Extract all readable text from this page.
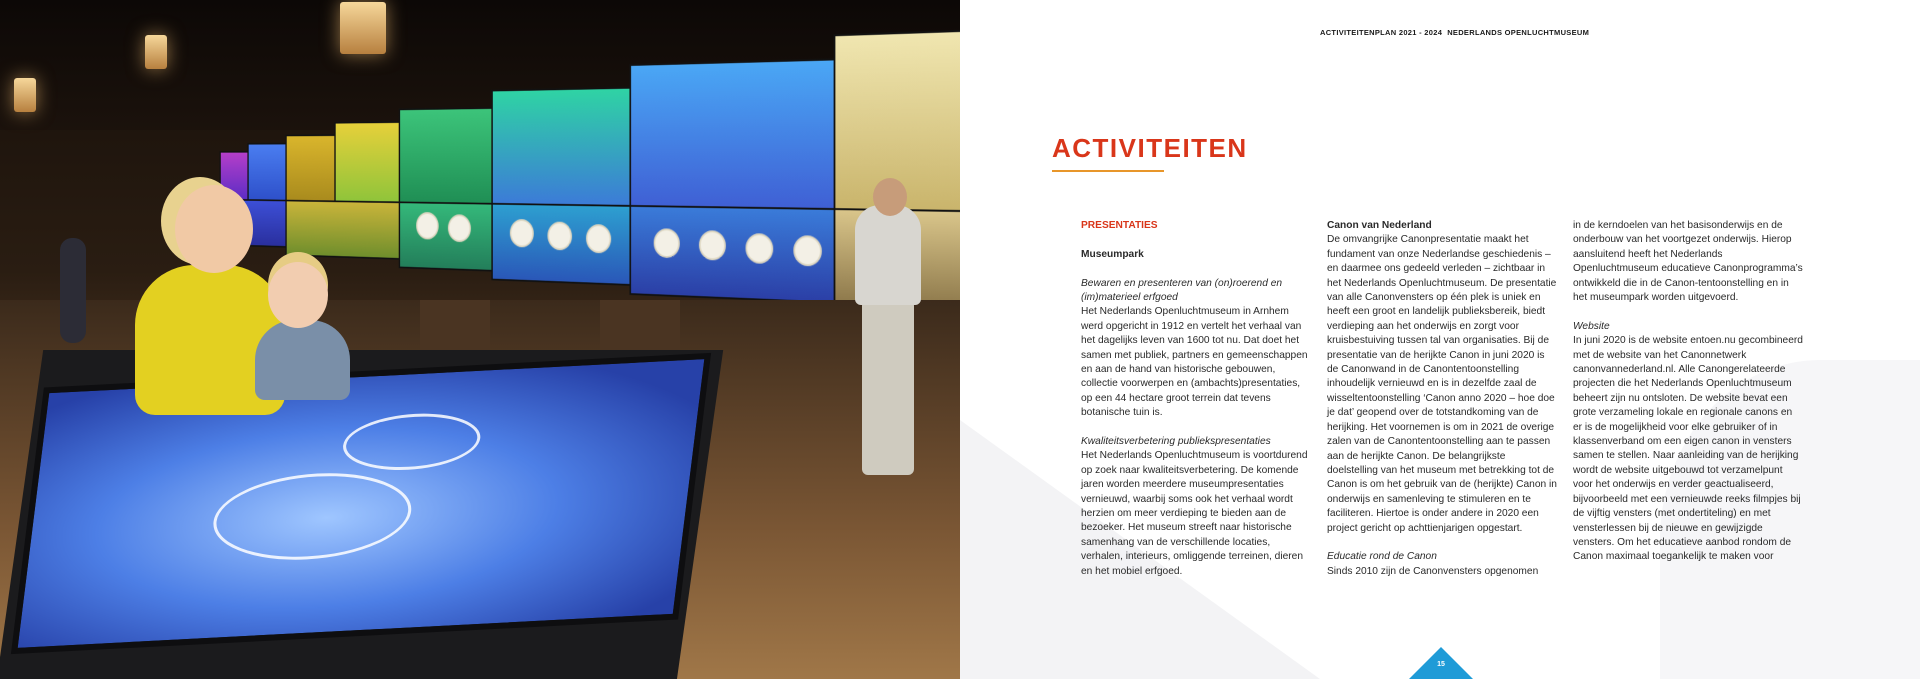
ACTIVITEITENPLAN 2021 - 2024 NEDERLANDS OPENLUCHTMUSEUM
ACTIVITEITEN

PRESENTATIES

Museumpark

Bewaren en presenteren van (on)roerend en (im)materieel erfgoed

Het Nederlands Openluchtmuseum in Arnhem werd opgericht in 1912 en vertelt het verhaal van het dagelijks leven van 1600 tot nu. Dat doet het samen met publiek, partners en gemeenschappen en aan de hand van historische gebouwen, collectie voorwerpen en (ambachts)presentaties, op een 44 hectare groot terrein dat tevens botanische tuin is.

Kwaliteitsverbetering publiekspresentaties

Het Nederlands Openluchtmuseum is voortdurend op zoek naar kwaliteitsverbetering. De komende jaren worden meerdere museumpresentaties vernieuwd, waarbij soms ook het verhaal wordt herzien om meer verdieping te bieden aan de bezoeker. Het museum streeft naar historische samenhang van de verschillende locaties, verhalen, interieurs, omliggende terreinen, dieren en het mobiel erfgoed.

Canon van Nederland

De omvangrijke Canonpresentatie maakt het fundament van onze Nederlandse geschiedenis – en daarmee ons gedeeld verleden – zichtbaar in het Nederlands Openluchtmuseum. De presentatie van alle Canonvensters op één plek is uniek en heeft een groot en landelijk publieksbereik, biedt verdieping aan het onderwijs en zorgt voor kruisbestuiving tussen tal van organisaties. Bij de presentatie van de herijkte Canon in juni 2020 is de Canonwand in de Canontentoonstelling inhoudelijk vernieuwd en is in dezelfde zaal de wisseltentoonstelling ‘Canon anno 2020 – hoe doe je dat’ geopend over de totstandkoming van de herijking. Het voornemen is om in 2021 de overige zalen van de Canontentoonstelling aan te passen aan de herijkte Canon. De belangrijkste doelstelling van het museum met betrekking tot de Canon is om het gebruik van de (herijkte) Canon in onderwijs en samenleving te stimuleren en te faciliteren. Hiertoe is onder andere in 2020 een project gericht op achttienjarigen opgestart.

Educatie rond de Canon

Sinds 2010 zijn de Canonvensters opgenomen

in de kerndoelen van het basisonderwijs en de onderbouw van het voortgezet onderwijs. Hierop aansluitend heeft het Nederlands Openluchtmuseum educatieve Canonprogramma’s ontwikkeld die in de Canon-tentoonstelling en in het museumpark worden uitgevoerd.

Website

In juni 2020 is de website entoen.nu gecombineerd met de website van het Canonnetwerk canonvannederland.nl. Alle Canongerelateerde projecten die het Nederlands Openluchtmuseum beheert zijn nu ontsloten. De website bevat een grote verzameling lokale en regionale canons en er is de mogelijkheid voor elke gebruiker of in klassenverband om een eigen canon in vensters samen te stellen. Naar aanleiding van de herijking wordt de website uitgebouwd tot verzamelpunt voor het onderwijs en verder geactualiseerd, bijvoorbeeld met een vernieuwde reeks filmpjes bij de vijftig vensters (met ondertiteling) en met vensterlessen bij de nieuwe en gewijzigde vensters. Om het educatieve aanbod rondom de Canon maximaal toegankelijk te maken voor

15
